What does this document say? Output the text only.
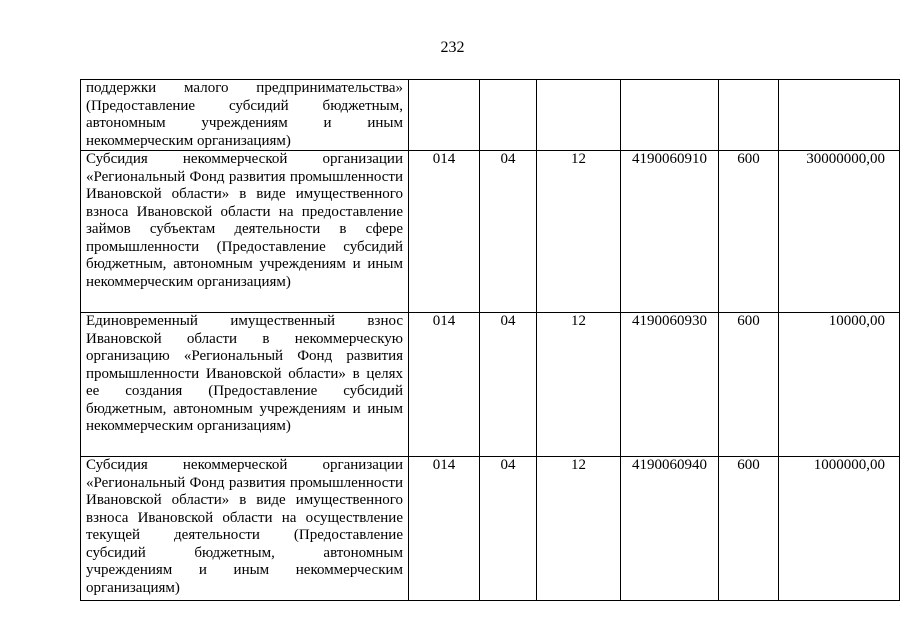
232
поддержки малого предпринимательства» (Предоставление субсидий бюджетным, автономным учреждениям и иным некоммерческим организациям)						
Субсидия некоммерческой организации «Региональный Фонд развития промышленности Ивановской области» в виде имущественного взноса Ивановской области на предоставление займов субъектам деятельности в сфере промышленности (Предоставление субсидий бюджетным, автономным учреждениям и иным некоммерческим организациям)	014	04	12	4190060910	600	30000000,00
Единовременный имущественный взнос Ивановской области в некоммерческую организацию «Региональный Фонд развития промышленности Ивановской области» в целях ее создания (Предоставление субсидий бюджетным, автономным учреждениям и иным некоммерческим организациям)	014	04	12	4190060930	600	10000,00
Субсидия некоммерческой организации «Региональный Фонд развития промышленности Ивановской области» в виде имущественного взноса Ивановской области на осуществление текущей деятельности (Предоставление субсидий бюджетным, автономным учреждениям и иным некоммерческим организациям)	014	04	12	4190060940	600	1000000,00
